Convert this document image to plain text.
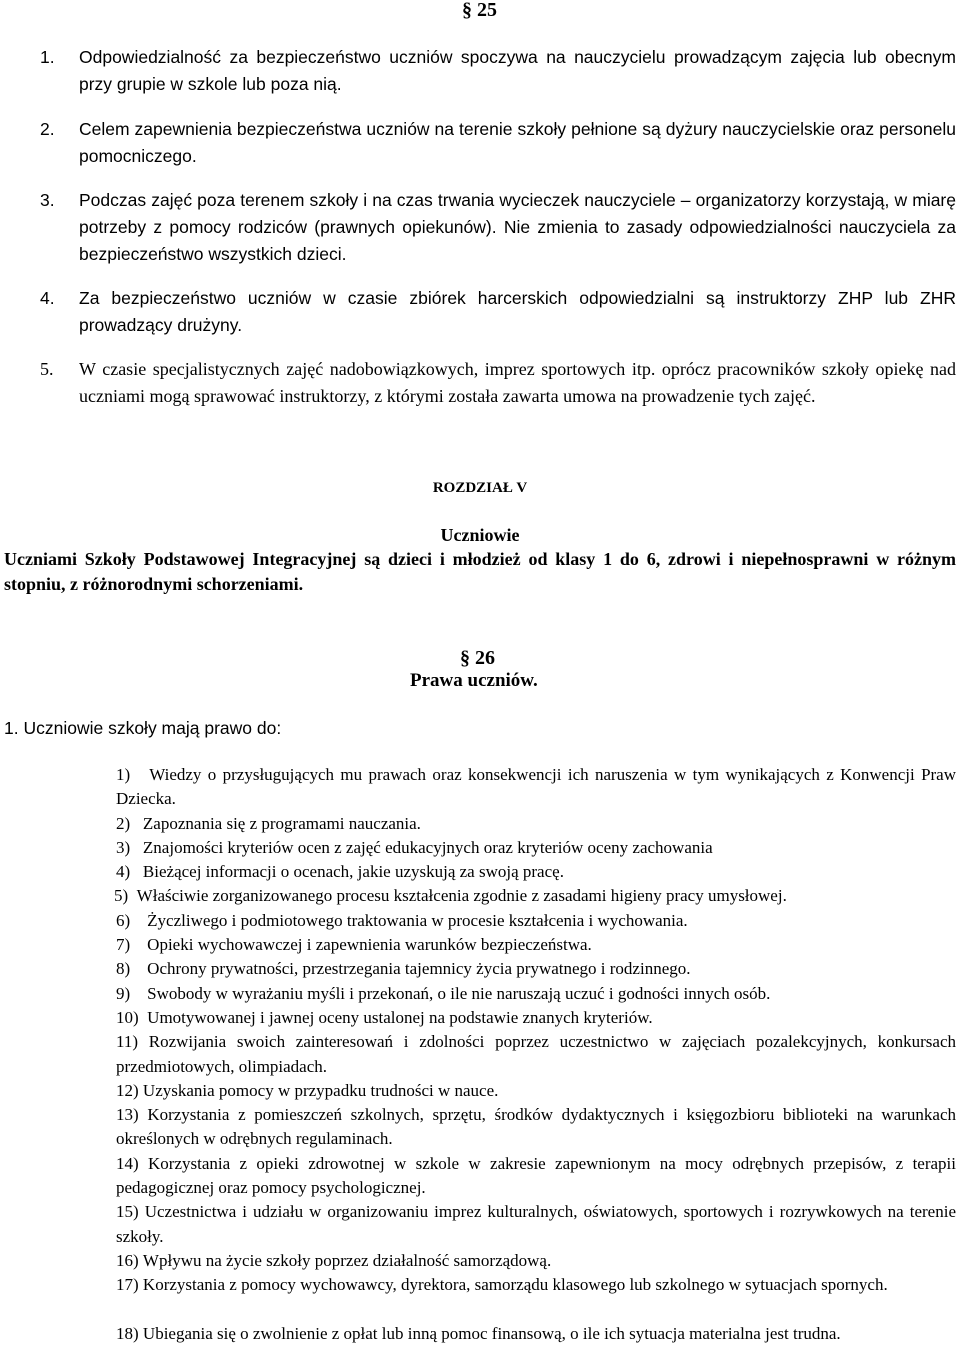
§ 25
1. Odpowiedzialność za bezpieczeństwo uczniów spoczywa na nauczycielu prowadzącym zajęcia lub obecnym przy grupie w szkole lub poza nią.
2. Celem zapewnienia bezpieczeństwa uczniów na terenie szkoły pełnione są dyżury nauczycielskie oraz personelu pomocniczego.
3. Podczas zajęć poza terenem szkoły i na czas trwania wycieczek nauczyciele – organizatorzy korzystają, w miarę potrzeby z pomocy rodziców (prawnych opiekunów). Nie zmienia to zasady odpowiedzialności nauczyciela za bezpieczeństwo wszystkich dzieci.
4. Za bezpieczeństwo uczniów w czasie zbiórek harcerskich odpowiedzialni są instruktorzy ZHP lub ZHR prowadzący drużyny.
5. W czasie specjalistycznych zajęć nadobowiązkowych, imprez sportowych itp. oprócz pracowników szkoły opiekę nad uczniami mogą sprawować instruktorzy, z którymi została zawarta umowa na prowadzenie tych zajęć.
ROZDZIAŁ V
Uczniowie
Uczniami Szkoły Podstawowej Integracyjnej są dzieci i młodzież od klasy 1 do 6, zdrowi i niepełnosprawni w różnym stopniu, z różnorodnymi schorzeniami.
§ 26
Prawa uczniów.
1. Uczniowie szkoły mają prawo do:
1) Wiedzy o przysługujących mu prawach oraz konsekwencji ich naruszenia w tym wynikających z Konwencji Praw Dziecka.
2) Zapoznania się z programami nauczania.
3) Znajomości kryteriów ocen z zajęć edukacyjnych oraz kryteriów oceny zachowania
4) Bieżącej informacji o ocenach, jakie uzyskują za swoją pracę.
5) Właściwie zorganizowanego procesu kształcenia zgodnie z zasadami higieny pracy umysłowej.
6) Życzliwego i podmiotowego traktowania w procesie kształcenia i wychowania.
7) Opieki wychowawczej i zapewnienia warunków bezpieczeństwa.
8) Ochrony prywatności, przestrzegania tajemnicy życia prywatnego i rodzinnego.
9) Swobody w wyrażaniu myśli i przekonań, o ile nie naruszają uczuć i godności innych osób.
10) Umotywowanej i jawnej oceny ustalonej na podstawie znanych kryteriów.
11) Rozwijania swoich zainteresowań i zdolności poprzez uczestnictwo w zajęciach pozalekcyjnych, konkursach przedmiotowych, olimpiadach.
12) Uzyskania pomocy w przypadku trudności w nauce.
13) Korzystania z pomieszczeń szkolnych, sprzętu, środków dydaktycznych i księgozbioru biblioteki na warunkach określonych w odrębnych regulaminach.
14) Korzystania z opieki zdrowotnej w szkole w zakresie zapewnionym na mocy odrębnych przepisów, z terapii pedagogicznej oraz pomocy psychologicznej.
15) Uczestnictwa i udziału w organizowaniu imprez kulturalnych, oświatowych, sportowych i rozrywkowych na terenie szkoły.
16) Wpływu na życie szkoły poprzez działalność samorządową.
17) Korzystania z pomocy wychowawcy, dyrektora, samorządu klasowego lub szkolnego w sytuacjach spornych.
18) Ubiegania się o zwolnienie z opłat lub inną pomoc finansową, o ile ich sytuacja materialna jest trudna.
